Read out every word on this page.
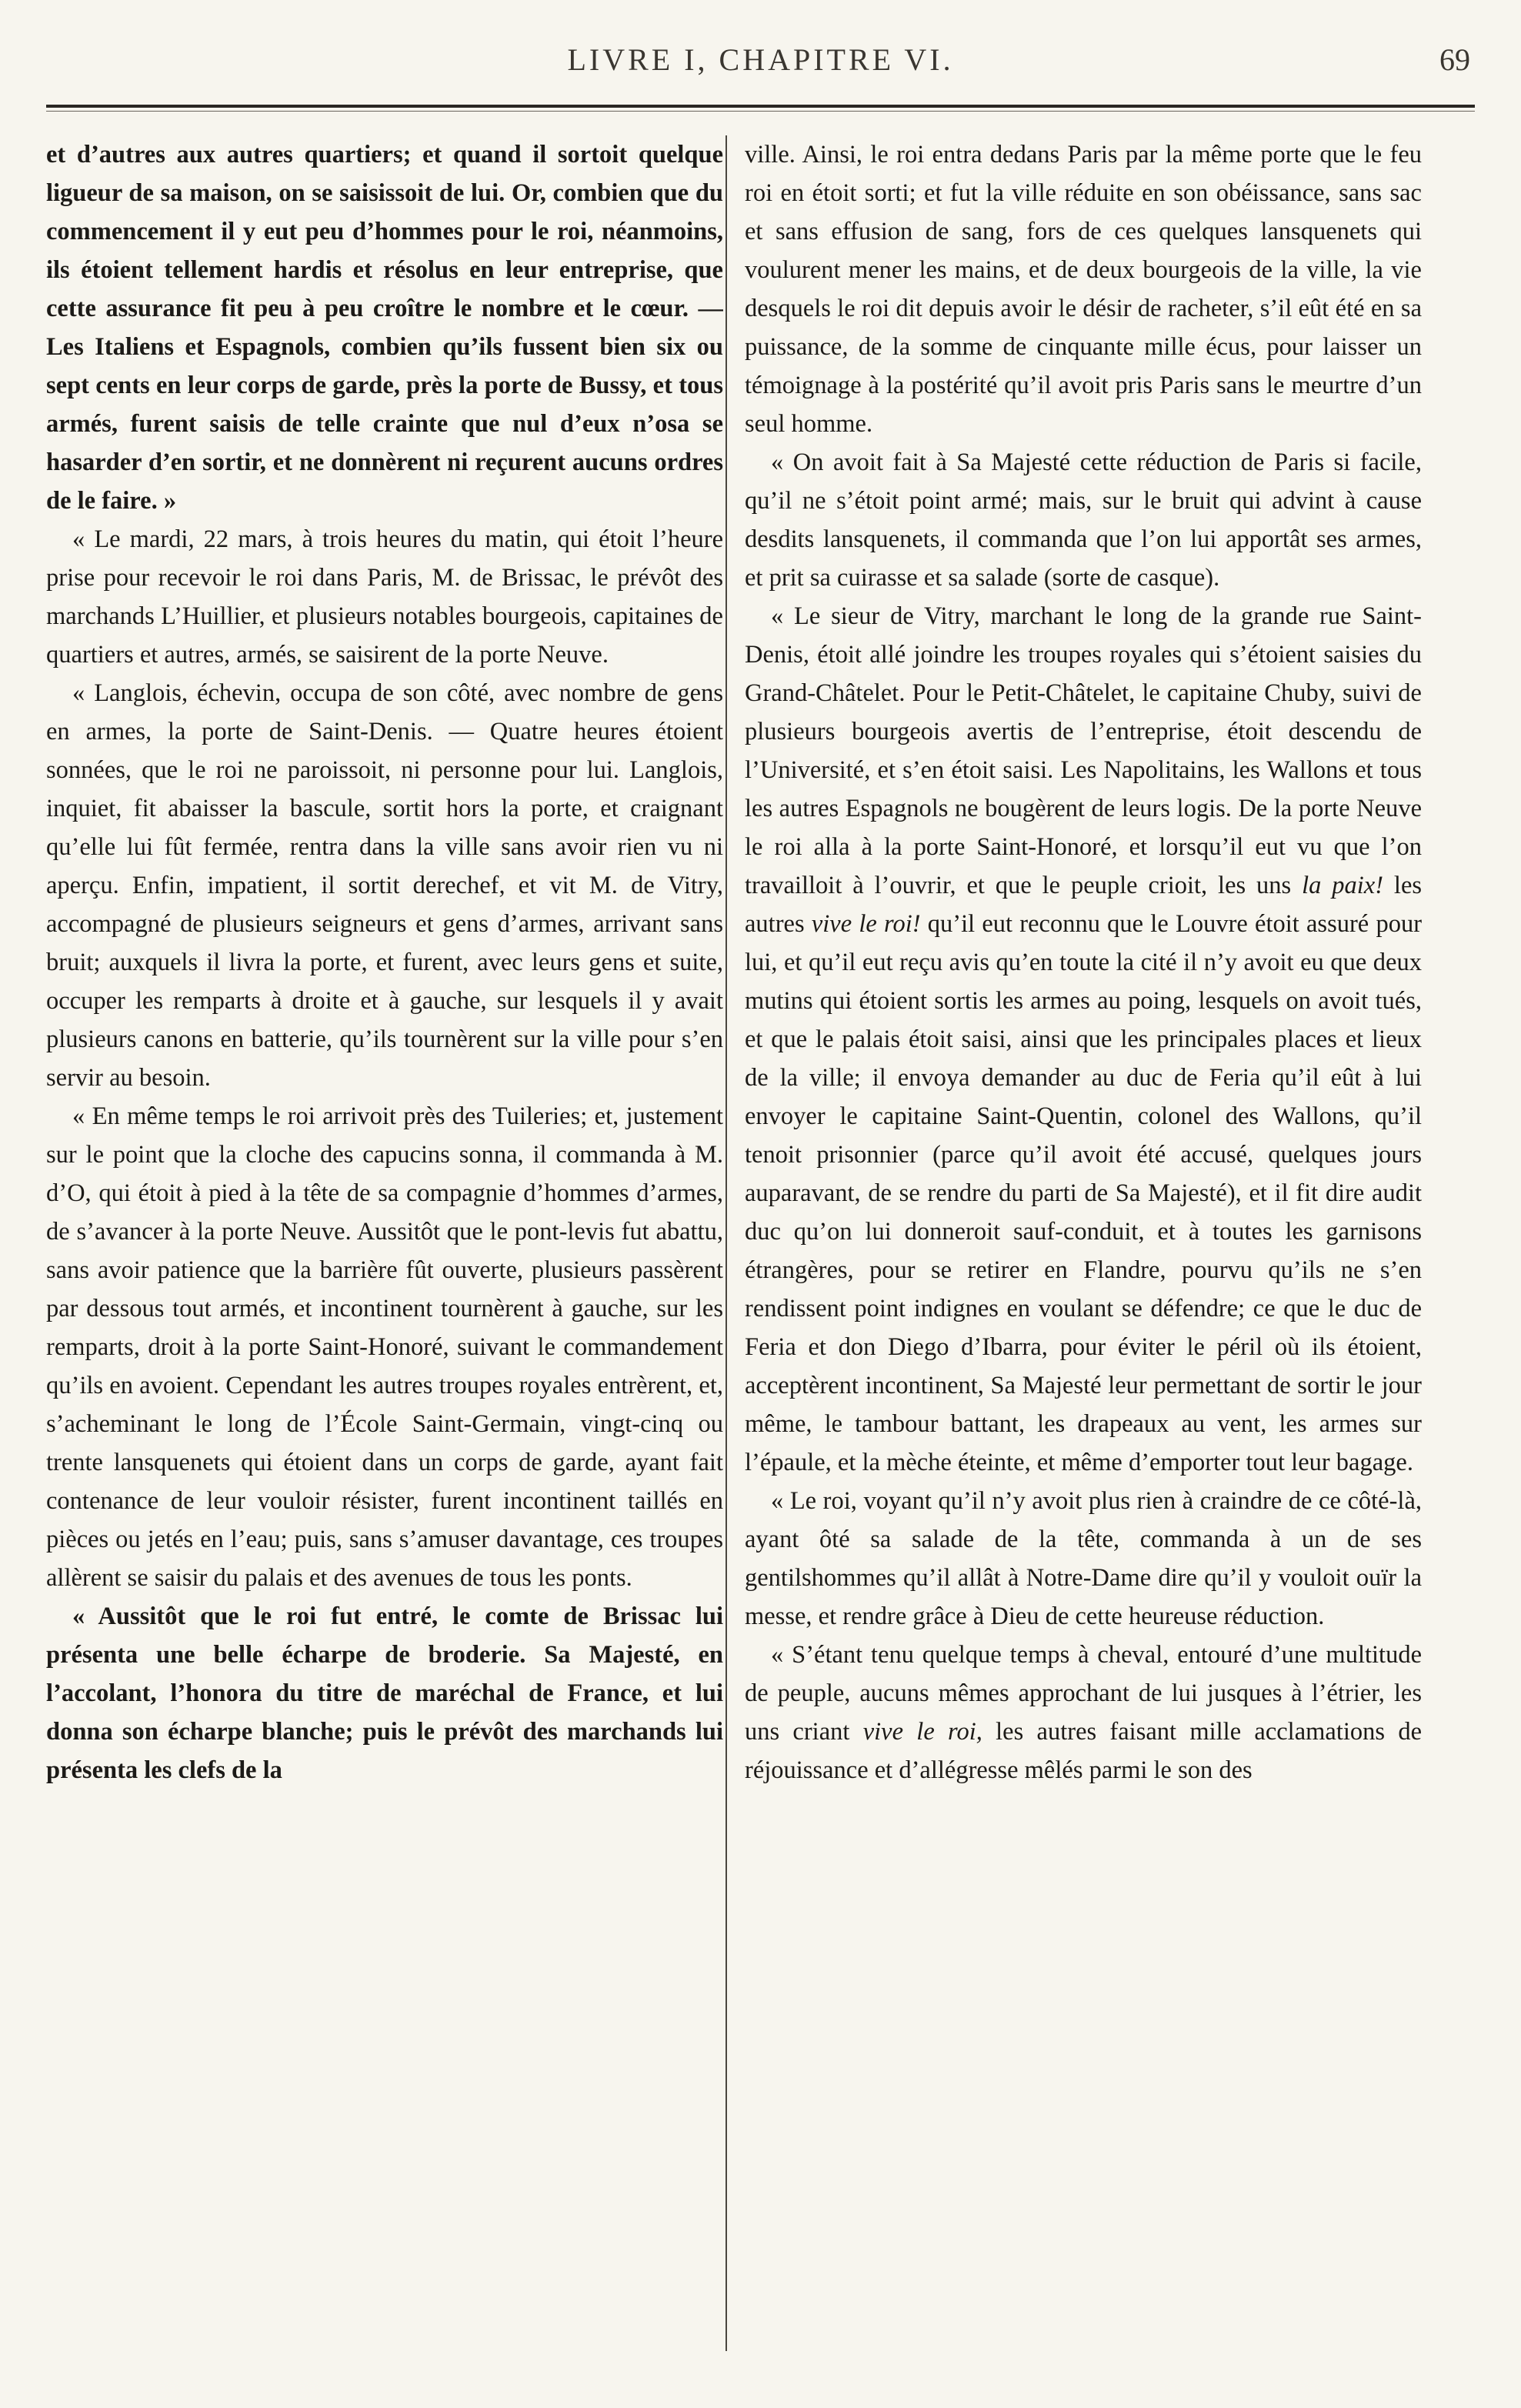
LIVRE I, CHAPITRE VI.	69

et d’autres aux autres quartiers; et quand il sortoit quelque ligueur de sa maison, on se saisissoit de lui. Or, combien que du commencement il y eut peu d’hommes pour le roi, néanmoins, ils étoient tellement hardis et résolus en leur entreprise, que cette assurance fit peu à peu croître le nombre et le cœur. — Les Italiens et Espagnols, combien qu’ils fussent bien six ou sept cents en leur corps de garde, près la porte de Bussy, et tous armés, furent saisis de telle crainte que nul d’eux n’osa se hasarder d’en sortir, et ne donnèrent ni reçurent aucuns ordres de le faire. »

« Le mardi, 22 mars, à trois heures du matin, qui étoit l’heure prise pour recevoir le roi dans Paris, M. de Brissac, le prévôt des marchands L’Huillier, et plusieurs notables bourgeois, capitaines de quartiers et autres, armés, se saisirent de la porte Neuve.

« Langlois, échevin, occupa de son côté, avec nombre de gens en armes, la porte de Saint-Denis. — Quatre heures étoient sonnées, que le roi ne paroissoit, ni personne pour lui. Langlois, inquiet, fit abaisser la bascule, sortit hors la porte, et craignant qu’elle lui fût fermée, rentra dans la ville sans avoir rien vu ni aperçu. Enfin, impatient, il sortit derechef, et vit M. de Vitry, accompagné de plusieurs seigneurs et gens d’armes, arrivant sans bruit; auxquels il livra la porte, et furent, avec leurs gens et suite, occuper les remparts à droite et à gauche, sur lesquels il y avait plusieurs canons en batterie, qu’ils tournèrent sur la ville pour s’en servir au besoin.

« En même temps le roi arrivoit près des Tuileries; et, justement sur le point que la cloche des capucins sonna, il commanda à M. d’O, qui étoit à pied à la tête de sa compagnie d’hommes d’armes, de s’avancer à la porte Neuve. Aussitôt que le pont-levis fut abattu, sans avoir patience que la barrière fût ouverte, plusieurs passèrent par dessous tout armés, et incontinent tournèrent à gauche, sur les remparts, droit à la porte Saint-Honoré, suivant le commandement qu’ils en avoient. Cependant les autres troupes royales entrèrent, et, s’acheminant le long de l’École Saint-Germain, vingt-cinq ou trente lansquenets qui étoient dans un corps de garde, ayant fait contenance de leur vouloir résister, furent incontinent taillés en pièces ou jetés en l’eau; puis, sans s’amuser davantage, ces troupes allèrent se saisir du palais et des avenues de tous les ponts.

« Aussitôt que le roi fut entré, le comte de Brissac lui présenta une belle écharpe de broderie. Sa Majesté, en l’accolant, l’honora du titre de maréchal de France, et lui donna son écharpe blanche; puis le prévôt des marchands lui présenta les clefs de la

ville. Ainsi, le roi entra dedans Paris par la même porte que le feu roi en étoit sorti; et fut la ville réduite en son obéissance, sans sac et sans effusion de sang, fors de ces quelques lansquenets qui voulurent mener les mains, et de deux bourgeois de la ville, la vie desquels le roi dit depuis avoir le désir de racheter, s’il eût été en sa puissance, de la somme de cinquante mille écus, pour laisser un témoignage à la postérité qu’il avoit pris Paris sans le meurtre d’un seul homme.

« On avoit fait à Sa Majesté cette réduction de Paris si facile, qu’il ne s’étoit point armé; mais, sur le bruit qui advint à cause desdits lansquenets, il commanda que l’on lui apportât ses armes, et prit sa cuirasse et sa salade (sorte de casque).

« Le sieur de Vitry, marchant le long de la grande rue Saint-Denis, étoit allé joindre les troupes royales qui s’étoient saisies du Grand-Châtelet. Pour le Petit-Châtelet, le capitaine Chuby, suivi de plusieurs bourgeois avertis de l’entreprise, étoit descendu de l’Université, et s’en étoit saisi. Les Napolitains, les Wallons et tous les autres Espagnols ne bougèrent de leurs logis. De la porte Neuve le roi alla à la porte Saint-Honoré, et lorsqu’il eut vu que l’on travailloit à l’ouvrir, et que le peuple crioit, les uns la paix! les autres vive le roi! qu’il eut reconnu que le Louvre étoit assuré pour lui, et qu’il eut reçu avis qu’en toute la cité il n’y avoit eu que deux mutins qui étoient sortis les armes au poing, lesquels on avoit tués, et que le palais étoit saisi, ainsi que les principales places et lieux de la ville; il envoya demander au duc de Feria qu’il eût à lui envoyer le capitaine Saint-Quentin, colonel des Wallons, qu’il tenoit prisonnier (parce qu’il avoit été accusé, quelques jours auparavant, de se rendre du parti de Sa Majesté), et il fit dire audit duc qu’on lui donneroit sauf-conduit, et à toutes les garnisons étrangères, pour se retirer en Flandre, pourvu qu’ils ne s’en rendissent point indignes en voulant se défendre; ce que le duc de Feria et don Diego d’Ibarra, pour éviter le péril où ils étoient, acceptèrent incontinent, Sa Majesté leur permettant de sortir le jour même, le tambour battant, les drapeaux au vent, les armes sur l’épaule, et la mèche éteinte, et même d’emporter tout leur bagage.

« Le roi, voyant qu’il n’y avoit plus rien à craindre de ce côté-là, ayant ôté sa salade de la tête, commanda à un de ses gentilshommes qu’il allât à Notre-Dame dire qu’il y vouloit ouïr la messe, et rendre grâce à Dieu de cette heureuse réduction.

« S’étant tenu quelque temps à cheval, entouré d’une multitude de peuple, aucuns mêmes approchant de lui jusques à l’étrier, les uns criant vive le roi, les autres faisant mille acclamations de réjouissance et d’allégresse mêlés parmi le son des
